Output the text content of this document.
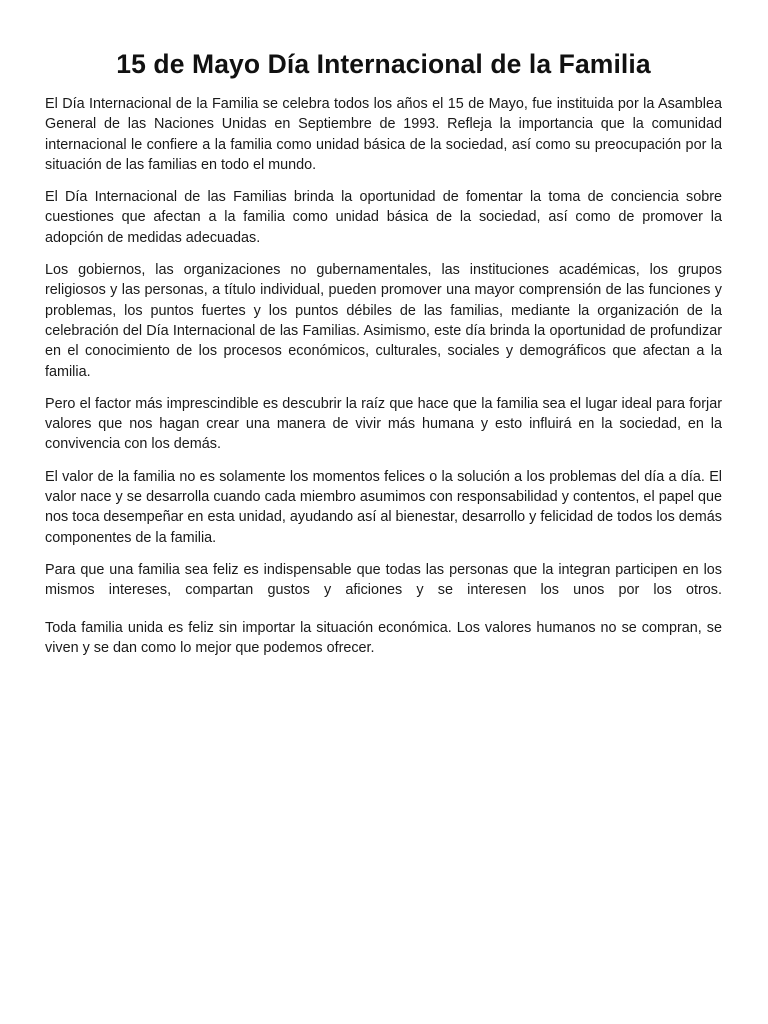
15 de Mayo Día Internacional de la Familia

El Día Internacional de la Familia se celebra todos los años el 15 de Mayo, fue instituida por la Asamblea General de las Naciones Unidas en Septiembre de 1993. Refleja la importancia que la comunidad internacional le confiere a la familia como unidad básica de la sociedad, así como su preocupación por la situación de las familias en todo el mundo.

El Día Internacional de las Familias brinda la oportunidad de fomentar la toma de conciencia sobre cuestiones que afectan a la familia como unidad básica de la sociedad, así como de promover la adopción de medidas adecuadas.

Los gobiernos, las organizaciones no gubernamentales, las instituciones académicas, los grupos religiosos y las personas, a título individual, pueden promover una mayor comprensión de las funciones y problemas, los puntos fuertes y los puntos débiles de las familias, mediante la organización de la celebración del Día Internacional de las Familias. Asimismo, este día brinda la oportunidad de profundizar en el conocimiento de los procesos económicos, culturales, sociales y demográficos que afectan a la familia.

Pero el factor más imprescindible es descubrir la raíz que hace que la familia sea el lugar ideal para forjar valores que nos hagan crear una manera de vivir más humana y esto influirá en la sociedad, en la convivencia con los demás.

El valor de la familia no es solamente los momentos felices o la solución a los problemas del día a día. El valor nace y se desarrolla cuando cada miembro asumimos con responsabilidad y contentos, el papel que nos toca desempeñar en esta unidad, ayudando así al bienestar, desarrollo y felicidad de todos los demás componentes de la familia.

Para que una familia sea feliz es indispensable que todas las personas que la integran participen en los mismos intereses, compartan gustos y aficiones y se interesen los unos por los otros.

Toda familia unida es feliz sin importar la situación económica. Los valores humanos no se compran, se viven y se dan como lo mejor que podemos ofrecer.
